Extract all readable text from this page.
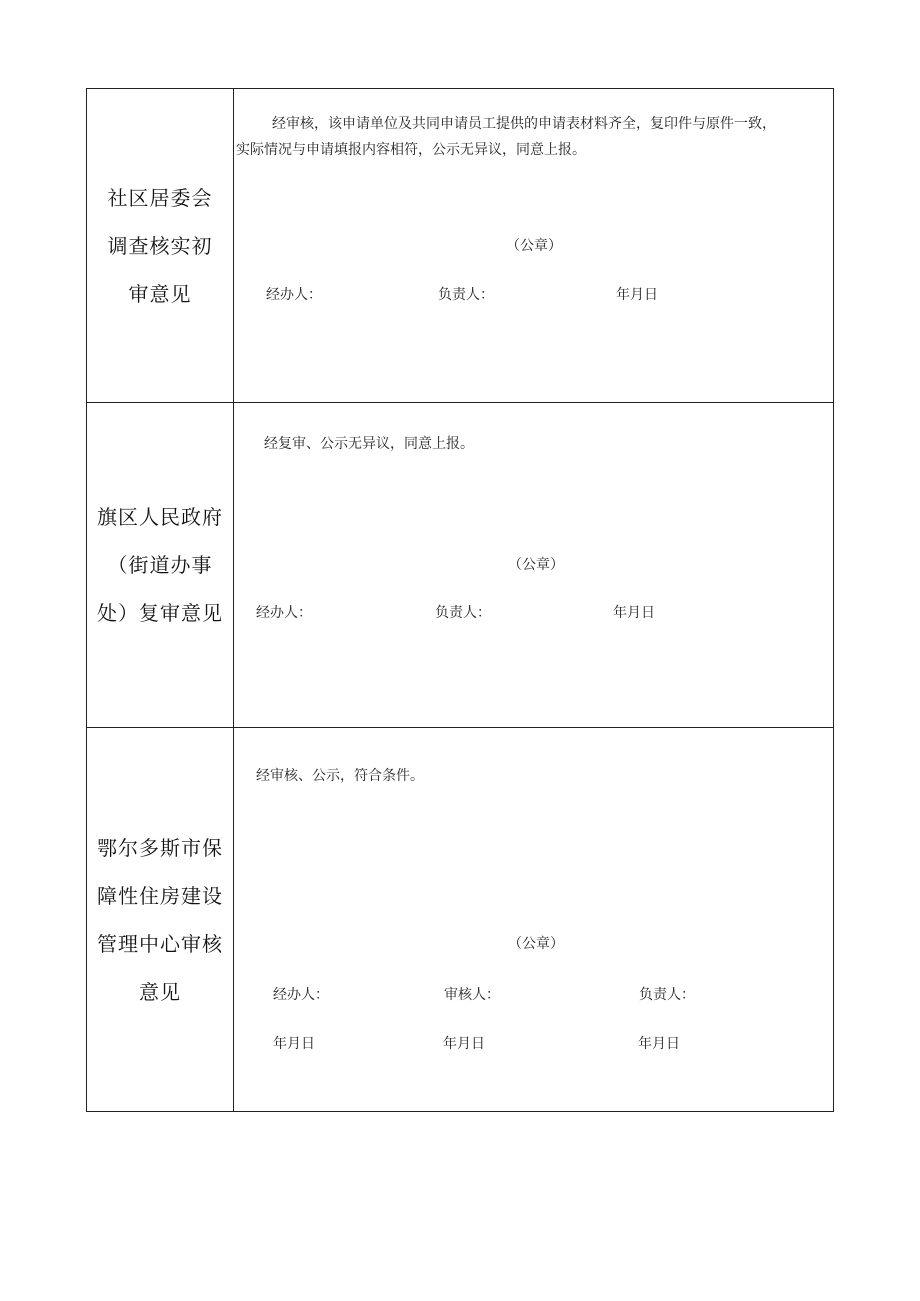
社区居委会
调查核实初
审意见
经审核，该申请单位及共同申请员工提供的申请表材料齐全，复印件与原件一致，
实际情况与申请填报内容相符，公示无异议，同意上报。
（公章）
经办人：	负责人：	年月日
旗区人民政府
（街道办事
处）复审意见
经复审、公示无异议，同意上报。
（公章）
经办人：	负责人：	年月日
鄂尔多斯市保
障性住房建设
管理中心审核
意见
经审核、公示，符合条件。
（公章）
经办人：	审核人：	负责人：
年月日	年月日	年月日
